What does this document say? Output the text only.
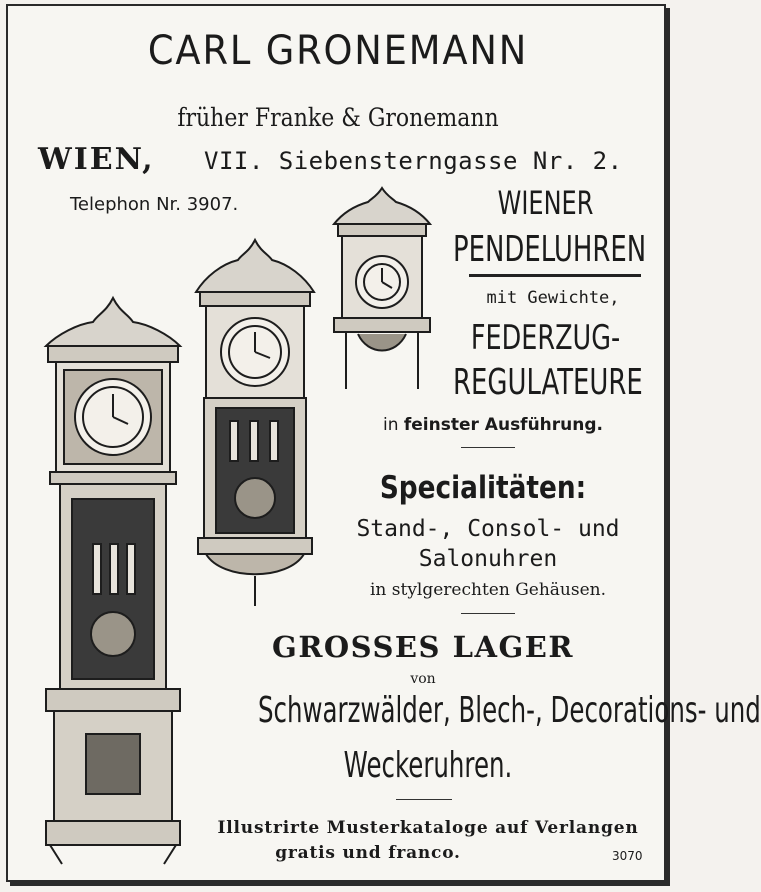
CARL GRONEMANN
früher Franke & Gronemann
WIEN, VII. Siebensterngasse Nr. 2.
Telephon Nr. 3907.	WIENER
PENDELUHREN
mit Gewichte,
FEDERZUG-
REGULATEURE
in feinster Ausführung.
Specialitäten:
Stand-, Consol- und
Salonuhren
in stylgerechten Gehäusen.
GROSSES LAGER
von
Schwarzwälder, Blech-, Decorations- und
Weckeruhren.
Illustrirte Musterkataloge auf Verlangen
gratis und franco.	3070
